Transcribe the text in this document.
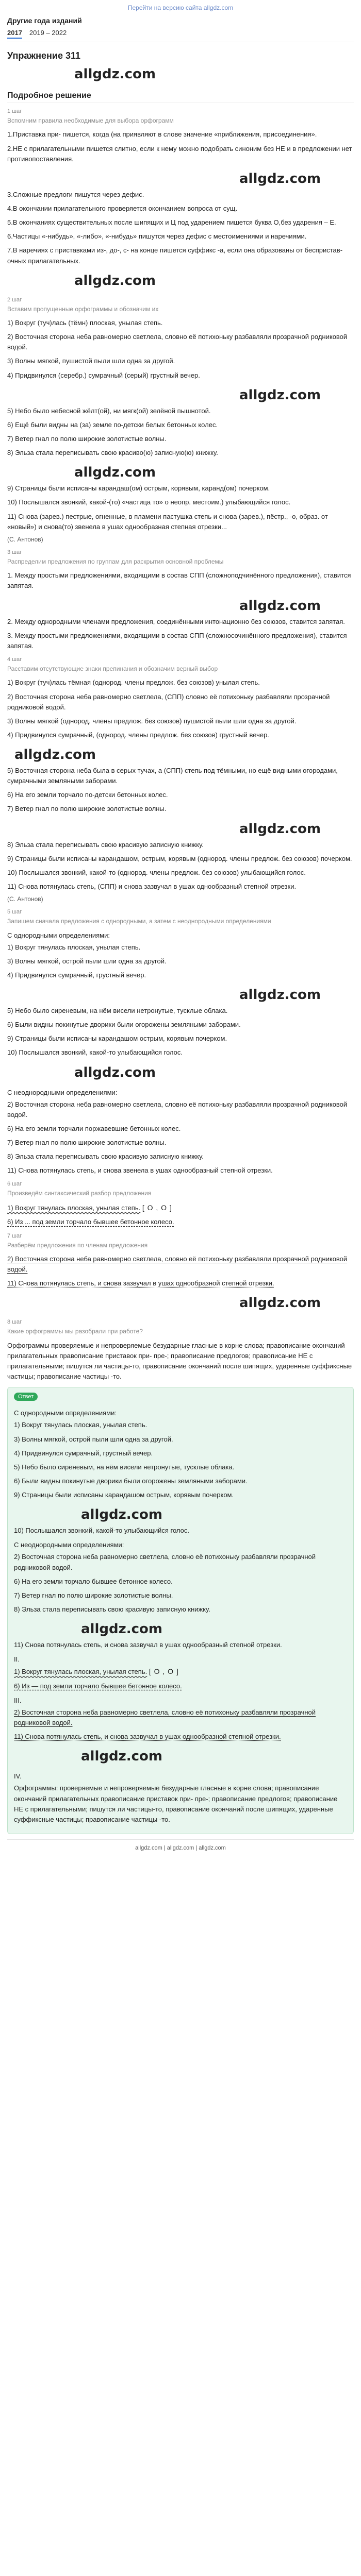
Перейти на версию сайта allgdz.com
Другие года изданий
2017 2019 – 2022
Упражнение 311
allgdz.com
Подробное решение
1 шаг
Вспомним правила необходимые для выбора орфограмм

1.Приставка при- пишется, когда (на приявляют в слове значение «приближения, присоединения».

2.НЕ с прилагательными пишется слитно, если к нему можно подобрать синоним без НЕ и в предложении нет противопоставления.

allgdz.com

3.Сложные предлоги пишутся через дефис.

4.В окончании прилагательного проверяется окончанием вопроса от сущ.

5.В окончаниях существительных после шипящих и Ц под ударением пишется буква О,без ударения – Е.

6.Частицы «-нибудь», «-либо», «-нибудь» пишутся через дефис с местоимениями и наречиями.

7.В наречиях с приставками из-, до-, с- на конце пишется суффикс -а, если она образованы от бесприставочных прилагательных.

allgdz.com
2 шаг
Вставим пропущенные орфограммы и обозначим их

1) Вокруг (туч)лась (тёмн) плоская, унылая степь.

2) Восточная сторона неба равномерно светлела, словно её потихоньку разбавляли прозрачной родниковой водой.

3) Волны мягкой, пушистой пыли шли одна за другой.

4) Придвинулся (серебр.) сумрачный (серый) грустный вечер.

allgdz.com

5) Небо было небесной жёлт(ой), ни мягк(ой) зелёной пышнотой.

6) Ещё были видны на (за) земле по-детски белых бетонных колес.

7) Ветер гнал по полю широкие золотистые волны.

8) Эльза стала переписывать свою красиво(ю) записную(ю) книжку.

allgdz.com

9) Страницы были исписаны карандаш(ом) острым, корявым, каранд(ом) почерком.

10) Послышался звонкий, какой-(то) «частица то» о неопр. местоим.) улыбающийся голос.

11) Снова (зарев.) пестрые, огненные, в пламени пастушка степь и снова (зарев.), пёстр., -о, образ. от «новый») и снова(то) звенела в ушах однообразная степная отрезки...

(С. Антонов)
3 шаг
Распределим предложения по группам для раскрытия основной проблемы

1. Между простыми предложениями, входящими в состав СПП (сложноподчинённого предложения), ставится запятая.

allgdz.com

2. Между однородными членами предложения, соединёнными интонационно без союзов, ставится запятая.

3. Между простыми предложениями, входящими в состав СПП (сложносочинённого предложения), ставится запятая.

4 шаг
Расставим отсутствующие знаки препинания и обозначим верный выбор

1) Вокруг (туч)лась тёмная (однород. члены предлож. без союзов) унылая степь.

2) Восточная сторона неба равномерно светлела, (СПП) словно её потихоньку разбавляли прозрачной родниковой водой.

3) Волны мягкой (однород. члены предлож. без союзов) пушистой пыли шли одна за другой.

4) Придвинулся сумрачный, (однород. члены предлож. без союзов) грустный вечер.

allgdz.com

5) Восточная сторона неба была в серых тучах, а (СПП) степь под тёмными, но ещё видными огородами, сумрачными земляными заборами.

6) На его земли торчало по-детски бетонных колес.

7) Ветер гнал по полю широкие золотистые волны.

allgdz.com

8) Эльза стала переписывать свою красивую записную книжку.

9) Страницы были исписаны карандашом, острым, корявым (однород. члены предлож. без союзов) почерком.

10) Послышался звонкий, какой-то (однород. члены предлож. без союзов) улыбающийся голос.

11) Снова потянулась степь, (СПП) и снова зазвучал в ушах однообразный степной отрезки.

(С. Антонов)
5 шаг
Запишем сначала предложения с однородными, а затем с неоднородными определениями
С однородными определениями:

1) Вокруг тянулась плоская, унылая степь.

3) Волны мягкой, острой пыли шли одна за другой.

4) Придвинулся сумрачный, грустный вечер.

allgdz.com

5) Небо было сиреневым, на нём висели нетронутые, тусклые облака.

6) Были видны покинутые дворики были огорожены земляными заборами.

9) Страницы были исписаны карандашом острым, корявым почерком.

10) Послышался звонкий, какой-то улыбающийся голос.

allgdz.com
С неоднородными определениями:

2) Восточная сторона неба равномерно светлела, словно её потихоньку разбавляли прозрачной родниковой водой.

6) На его земли торчали поржавевшие бетонных колес.

7) Ветер гнал по полю широкие золотистые волны.

8) Эльза стала переписывать свою красивую записную книжку.

11) Снова потянулась степь, и снова звенела в ушах однообразный степной отрезки.

6 шаг
Произведём синтаксический разбор предложения

1) Вокруг тянулась плоская, унылая степь. [ O , O ]

6) Из ... под земли торчало бывшее бетонное колесо.

7 шаг
Разберём предложения по членам предложения

2) Восточная сторона неба равномерно светлела, словно её потихоньку разбавляли прозрачной родниковой водой.

11) Снова потянулась степь, и снова зазвучал в ушах однообразной степной отрезки.

allgdz.com
8 шаг
Какие орфограммы мы разобрали при работе?

Орфограммы проверяемые и непроверяемые безударные гласные в корне слова; правописание окончаний прилагательных правописание приставок при- пре-; правописание предлогов; правописание НЕ с прилагательными; пишутся ли частицы-то, правописание окончаний после шипящих, ударенные суффиксные частицы; правописание частицы -то.

Ответ
С однородными определениями:

1) Вокруг тянулась плоская, унылая степь.

3) Волны мягкой, острой пыли шли одна за другой.

4) Придвинулся сумрачный, грустный вечер.

5) Небо было сиреневым, на нём висели нетронутые, тусклые облака.

6) Были видны покинутые дворики были огорожены земляными заборами.

9) Страницы были исписаны карандашом острым, корявым почерком.

allgdz.com

10) Послышался звонкий, какой-то улыбающийся голос.

С неоднородными определениями:

2) Восточная сторона неба равномерно светлела, словно её потихоньку разбавляли прозрачной родниковой водой.

6) На его земли торчало бывшее бетонное колесо.

7) Ветер гнал по полю широкие золотистые волны.

8) Эльза стала переписывать свою красивую записную книжку.

allgdz.com

11) Снова потянулась степь, и снова зазвучал в ушах однообразный степной отрезки.

II.

1) Вокруг тянулась плоская, унылая степь. [ O , O ]

6) Из — под земли торчало бывшее бетонное колесо.

III.

2) Восточная сторона неба равномерно светлела, словно её потихоньку разбавляли прозрачной родниковой водой.

11) Снова потянулась степь, и снова зазвучал в ушах однообразной степной отрезки.

allgdz.com
IV.

Орфограммы: проверяемые и непроверяемые безударные гласные в корне слова; правописание окончаний прилагательных правописание приставок при- пре-; правописание предлогов; правописание НЕ с прилагательными; пишутся ли частицы-то, правописание окончаний после шипящих, ударенные суффиксные частицы; правописание частицы -то.

allgdz.com | allgdz.com | allgdz.com
